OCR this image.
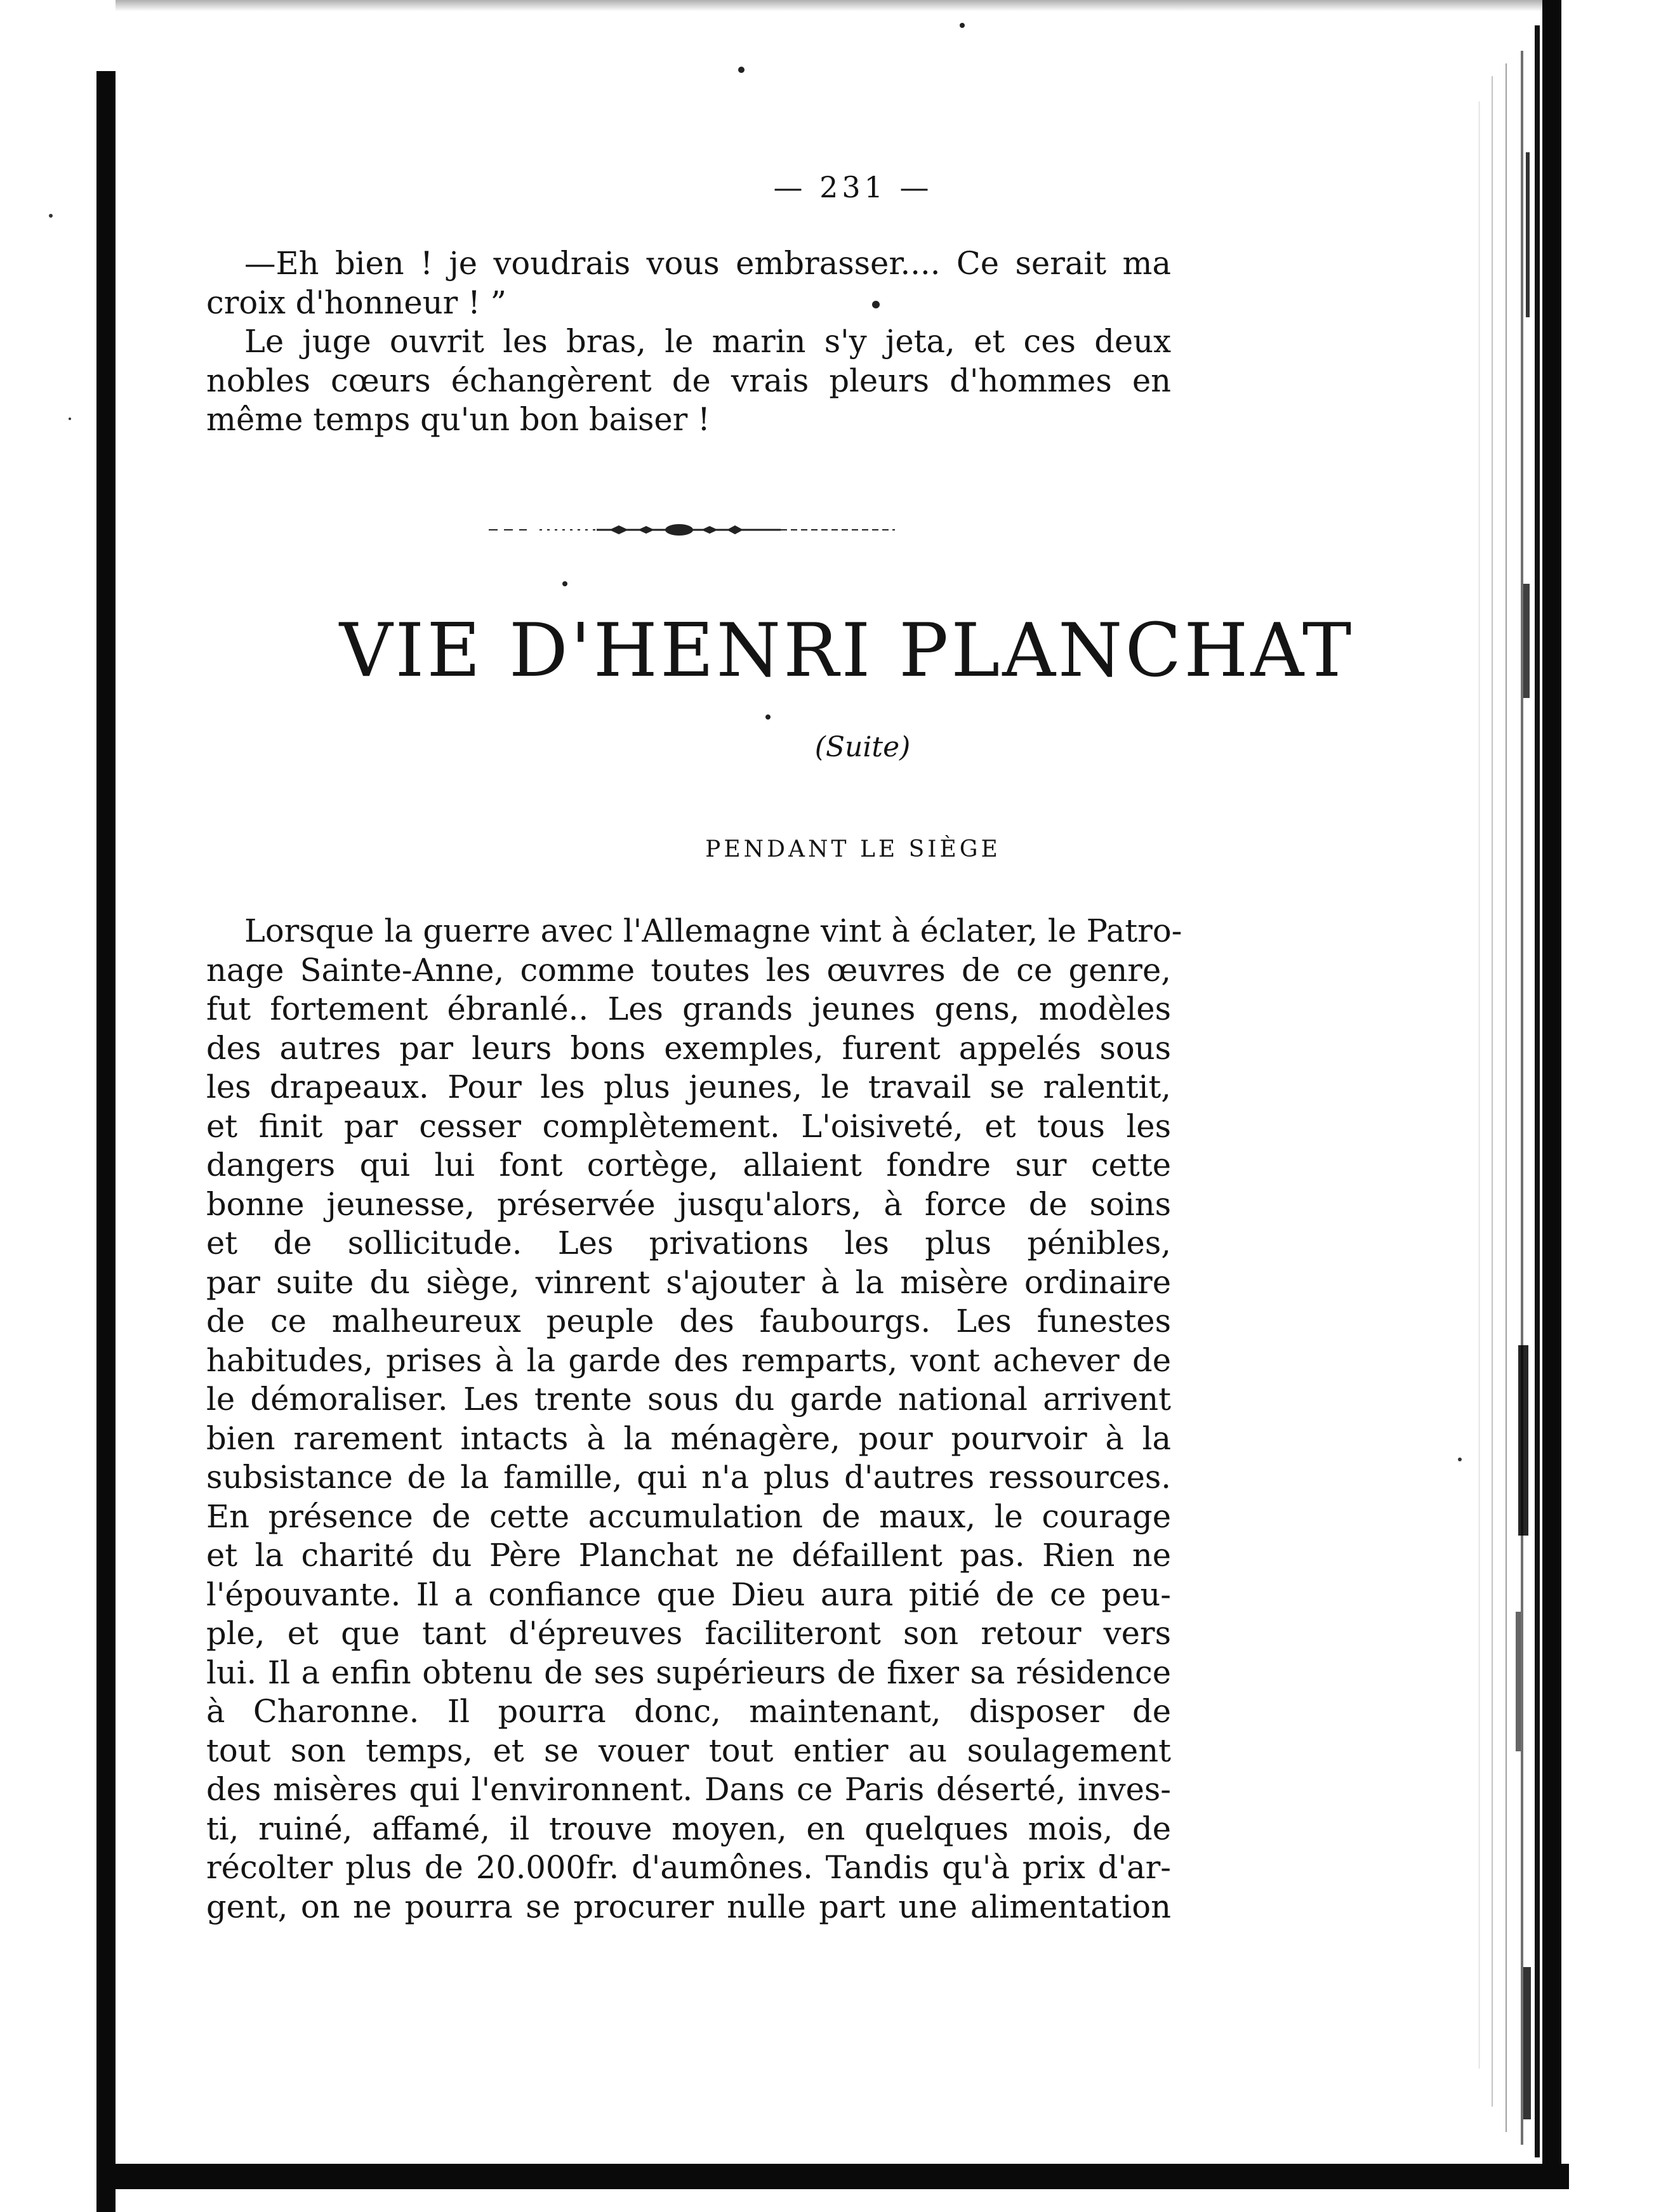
— 231 —
—Eh bien ! je voudrais vous embrasser.... Ce serait ma
croix d'honneur ! ”
Le juge ouvrit les bras, le marin s'y jeta, et ces deux
nobles cœurs échangèrent de vrais pleurs d'hommes en
même temps qu'un bon baiser !
VIE D'HENRI PLANCHAT
(Suite)
PENDANT LE SIÈGE
Lorsque la guerre avec l'Allemagne vint à éclater, le Patro-
nage Sainte-Anne, comme toutes les œuvres de ce genre,
fut fortement ébranlé.. Les grands jeunes gens, modèles
des autres par leurs bons exemples, furent appelés sous
les drapeaux. Pour les plus jeunes, le travail se ralentit,
et finit par cesser complètement. L'oisiveté, et tous les
dangers qui lui font cortège, allaient fondre sur cette
bonne jeunesse, préservée jusqu'alors, à force de soins
et de sollicitude. Les privations les plus pénibles,
par suite du siège, vinrent s'ajouter à la misère ordinaire
de ce malheureux peuple des faubourgs. Les funestes
habitudes, prises à la garde des remparts, vont achever de
le démoraliser. Les trente sous du garde national arrivent
bien rarement intacts à la ménagère, pour pourvoir à la
subsistance de la famille, qui n'a plus d'autres ressources.
En présence de cette accumulation de maux, le courage
et la charité du Père Planchat ne défaillent pas. Rien ne
l'épouvante. Il a confiance que Dieu aura pitié de ce peu-
ple, et que tant d'épreuves faciliteront son retour vers
lui. Il a enfin obtenu de ses supérieurs de fixer sa résidence
à Charonne. Il pourra donc, maintenant, disposer de
tout son temps, et se vouer tout entier au soulagement
des misères qui l'environnent. Dans ce Paris déserté, inves-
ti, ruiné, affamé, il trouve moyen, en quelques mois, de
récolter plus de 20.000fr. d'aumônes. Tandis qu'à prix d'ar-
gent, on ne pourra se procurer nulle part une alimentation
